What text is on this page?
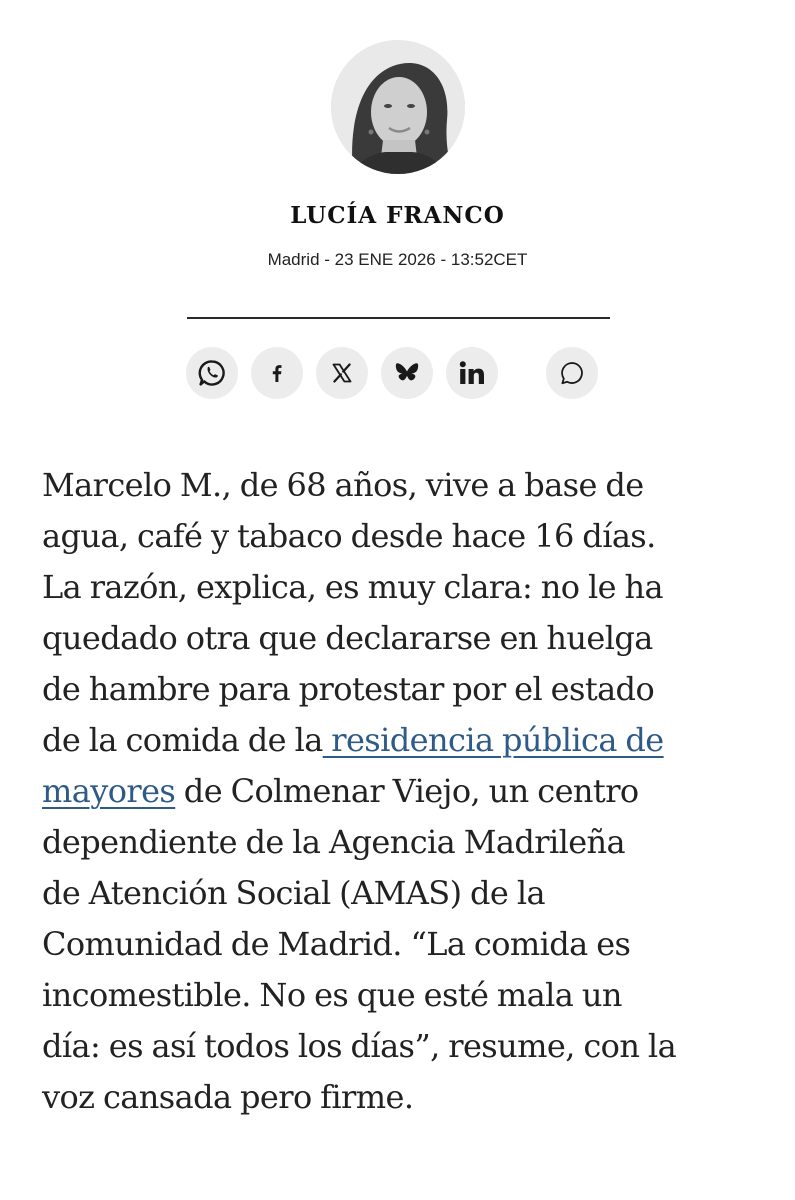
LUCÍA FRANCO
Madrid - 23 ENE 2026 - 13:52CET
Marcelo M., de 68 años, vive a base de
agua, café y tabaco desde hace 16 días.
La razón, explica, es muy clara: no le ha
quedado otra que declararse en huelga
de hambre para protestar por el estado
de la comida de la residencia pública de
mayores de Colmenar Viejo, un centro
dependiente de la Agencia Madrileña
de Atención Social (AMAS) de la
Comunidad de Madrid. “La comida es
incomestible. No es que esté mala un
día: es así todos los días”, resume, con la
voz cansada pero firme.
